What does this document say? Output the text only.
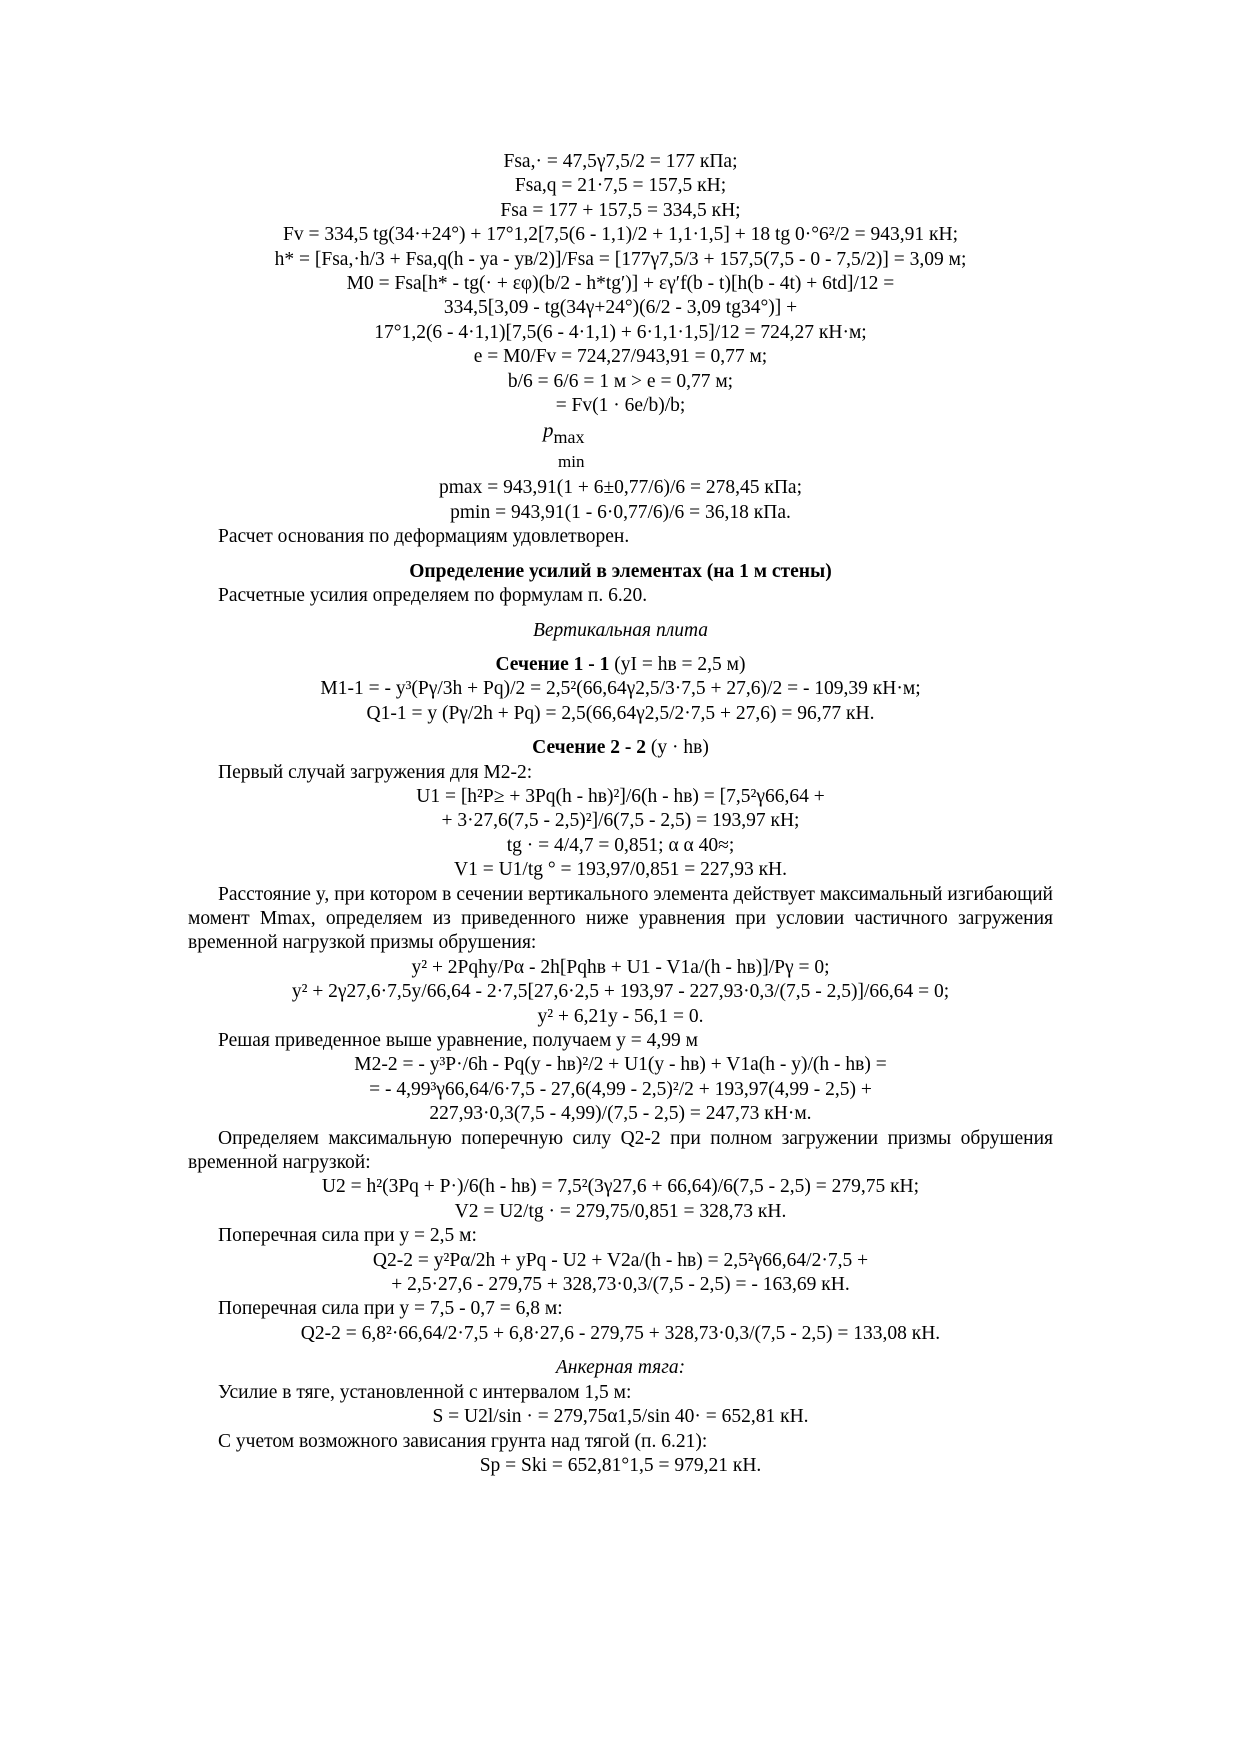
Fsa,· = 47,5γ7,5/2 = 177 кПа;
Fsa,q = 21·7,5 = 157,5 кН;
Fsa = 177 + 157,5 = 334,5 кН;
Fv = 334,5 tg(34·+24°) + 17°1,2[7,5(6 - 1,1)/2 + 1,1·1,5] + 18 tg 0·°6²/2 = 943,91 кН;
h* = [Fsa,·h/3 + Fsa,q(h - ya - yв/2)]/Fsa = [177γ7,5/3 + 157,5(7,5 - 0 - 7,5/2)] = 3,09 м;
M0 = Fsa[h* - tg(· + εφ)(b/2 - h*tg′)] + εγ′f(b - t)[h(b - 4t) + 6td]/12 =
334,5[3,09 - tg(34γ+24°)(6/2 - 3,09 tg34°)] +
17°1,2(6 - 4·1,1)[7,5(6 - 4·1,1) + 6·1,1·1,5]/12 = 724,27 кН·м;
e = M0/Fv = 724,27/943,91 = 0,77 м;
b/6 = 6/6 = 1 м > e = 0,77 м;
= Fv(1 · 6e/b)/b;
$p_{max}$
min
pmax = 943,91(1 + 6±0,77/6)/6 = 278,45 кПа;
pmin = 943,91(1 - 6·0,77/6)/6 = 36,18 кПа.
Расчет основания по деформациям удовлетворен.
Определение усилий в элементах (на 1 м стены)
Расчетные усилия определяем по формулам п. 6.20.
Вертикальная плита
Сечение 1 - 1 (yI = hв = 2,5 м)
M1-1 = - y³(Pγ/3h + Pq)/2 = 2,5²(66,64γ2,5/3·7,5 + 27,6)/2 = - 109,39 кН·м;
Q1-1 = y (Pγ/2h + Pq) = 2,5(66,64γ2,5/2·7,5 + 27,6) = 96,77 кН.
Сечение 2 - 2 (y · hв)
Первый случай загружения для M2-2:
U1 = [h²P≥ + 3Pq(h - hв)²]/6(h - hв) = [7,5²γ66,64 +
+ 3·27,6(7,5 - 2,5)²]/6(7,5 - 2,5) = 193,97 кН;
tg · = 4/4,7 = 0,851; α α 40≈;
V1 = U1/tg ° = 193,97/0,851 = 227,93 кН.
Расстояние y, при котором в сечении вертикального элемента действует максимальный изгибающий момент Mmax, определяем из приведенного ниже уравнения при условии частичного загружения временной нагрузкой призмы обрушения:
y² + 2Pqhy/Pα - 2h[Pqhв + U1 - V1a/(h - hв)]/Pγ = 0;
y² + 2γ27,6·7,5y/66,64 - 2·7,5[27,6·2,5 + 193,97 - 227,93·0,3/(7,5 - 2,5)]/66,64 = 0;
y² + 6,21y - 56,1 = 0.
Решая приведенное выше уравнение, получаем y = 4,99 м
M2-2 = - y³P·/6h - Pq(y - hв)²/2 + U1(y - hв) + V1a(h - y)/(h - hв) =
= - 4,99³γ66,64/6·7,5 - 27,6(4,99 - 2,5)²/2 + 193,97(4,99 - 2,5) +
227,93·0,3(7,5 - 4,99)/(7,5 - 2,5) = 247,73 кН·м.
Определяем максимальную поперечную силу Q2-2 при полном загружении призмы обрушения временной нагрузкой:
U2 = h²(3Pq + P·)/6(h - hв) = 7,5²(3γ27,6 + 66,64)/6(7,5 - 2,5) = 279,75 кН;
V2 = U2/tg · = 279,75/0,851 = 328,73 кН.
Поперечная сила при y = 2,5 м:
Q2-2 = y²Pα/2h + yPq - U2 + V2a/(h - hв) = 2,5²γ66,64/2·7,5 +
+ 2,5·27,6 - 279,75 + 328,73·0,3/(7,5 - 2,5) = - 163,69 кН.
Поперечная сила при y = 7,5 - 0,7 = 6,8 м:
Q2-2 = 6,8²·66,64/2·7,5 + 6,8·27,6 - 279,75 + 328,73·0,3/(7,5 - 2,5) = 133,08 кН.
Анкерная тяга:
Усилие в тяге, установленной с интервалом 1,5 м:
S = U2l/sin · = 279,75α1,5/sin 40· = 652,81 кН.
С учетом возможного зависания грунта над тягой (п. 6.21):
Sp = Ski = 652,81°1,5 = 979,21 кН.
